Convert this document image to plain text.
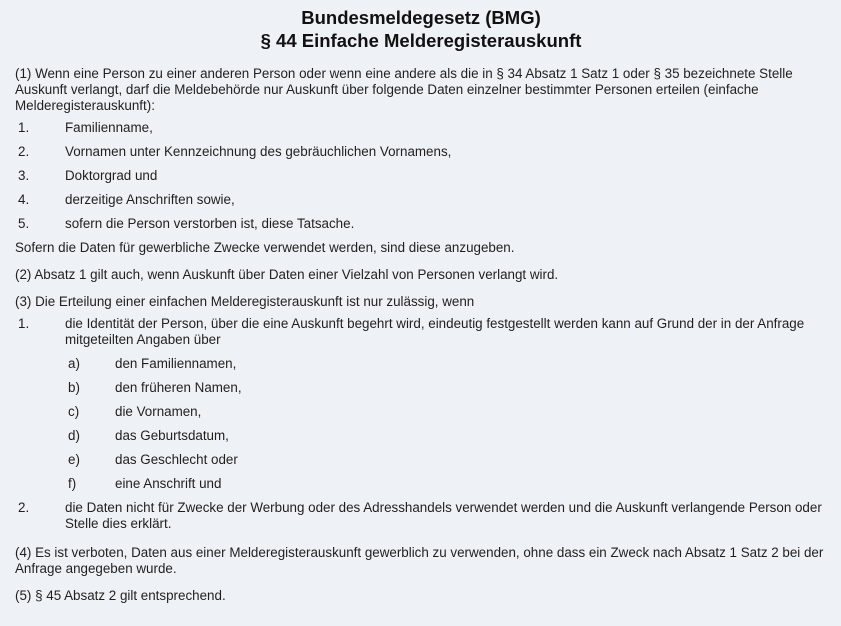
Bundesmeldegesetz (BMG)
§ 44 Einfache Melderegisterauskunft

(1) Wenn eine Person zu einer anderen Person oder wenn eine andere als die in § 34 Absatz 1 Satz 1 oder § 35 bezeichnete Stelle Auskunft verlangt, darf die Meldebehörde nur Auskunft über folgende Daten einzelner bestimmter Personen erteilen (einfache Melderegisterauskunft):

1.	Familienname,
2.	Vornamen unter Kennzeichnung des gebräuchlichen Vornamens,
3.	Doktorgrad und
4.	derzeitige Anschriften sowie,
5.	sofern die Person verstorben ist, diese Tatsache.

Sofern die Daten für gewerbliche Zwecke verwendet werden, sind diese anzugeben.

(2) Absatz 1 gilt auch, wenn Auskunft über Daten einer Vielzahl von Personen verlangt wird.

(3) Die Erteilung einer einfachen Melderegisterauskunft ist nur zulässig, wenn

1.	die Identität der Person, über die eine Auskunft begehrt wird, eindeutig festgestellt werden kann auf Grund der in der Anfrage mitgeteilten Angaben über
a)	den Familiennamen,
b)	den früheren Namen,
c)	die Vornamen,
d)	das Geburtsdatum,
e)	das Geschlecht oder
f)	eine Anschrift und
2.	die Daten nicht für Zwecke der Werbung oder des Adresshandels verwendet werden und die Auskunft verlangende Person oder Stelle dies erklärt.

(4) Es ist verboten, Daten aus einer Melderegisterauskunft gewerblich zu verwenden, ohne dass ein Zweck nach Absatz 1 Satz 2 bei der Anfrage angegeben wurde.

(5) § 45 Absatz 2 gilt entsprechend.
